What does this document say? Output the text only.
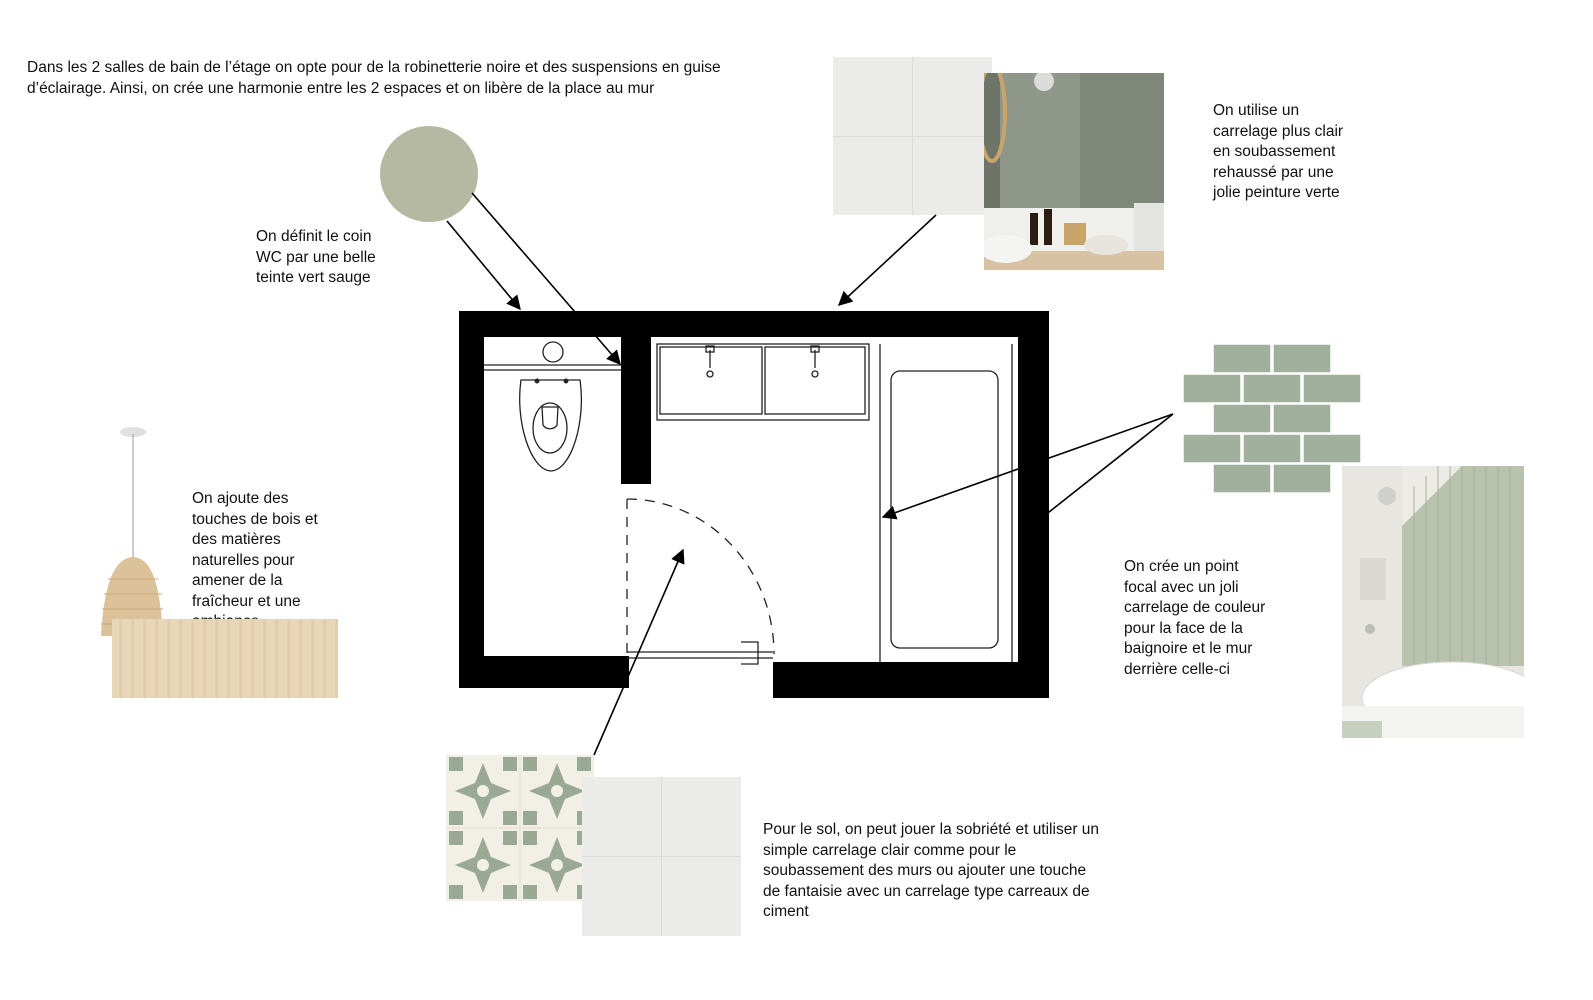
Dans les 2 salles de bain de l’étage on opte pour de la robinetterie noire et des suspensions en guise d’éclairage. Ainsi, on crée une harmonie entre les 2 espaces et on libère de la place au mur

On définit le coin WC par une belle teinte vert sauge

On utilise un carrelage plus clair en soubassement rehaussé par une jolie peinture verte

On ajoute des touches de bois et des matières naturelles pour amener de la fraîcheur et une

On crée un point focal avec un joli carrelage de couleur pour la face de la baignoire et le mur derrière celle-ci

Pour le sol, on peut jouer la sobriété et utiliser un simple carrelage clair comme pour le soubassement des murs ou ajouter une touche de fantaisie avec un carrelage type carreaux de ciment
